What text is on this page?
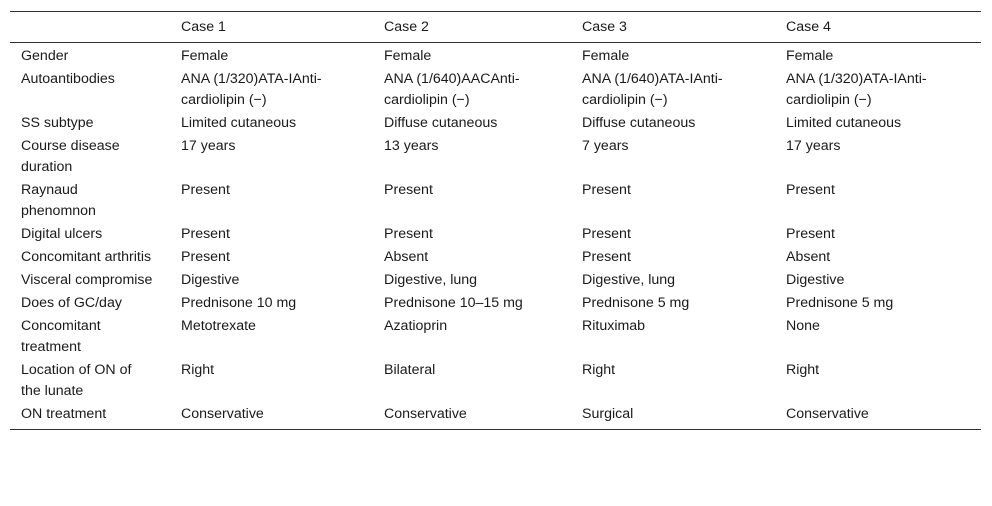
	Case 1	Case 2	Case 3	Case 4
Gender	Female	Female	Female	Female
Autoantibodies	ANA (1/320)ATA-IAnti-cardiolipin (−)	ANA (1/640)AACAnti-cardiolipin (−)	ANA (1/640)ATA-IAnti-cardiolipin (−)	ANA (1/320)ATA-IAnti-cardiolipin (−)
SS subtype	Limited cutaneous	Diffuse cutaneous	Diffuse cutaneous	Limited cutaneous
Course disease duration	17 years	13 years	7 years	17 years
Raynaud phenomnon	Present	Present	Present	Present
Digital ulcers	Present	Present	Present	Present
Concomitant arthritis	Present	Absent	Present	Absent
Visceral compromise	Digestive	Digestive, lung	Digestive, lung	Digestive
Does of GC/day	Prednisone 10 mg	Prednisone 10–15 mg	Prednisone 5 mg	Prednisone 5 mg
Concomitant treatment	Metotrexate	Azatioprin	Rituximab	None
Location of ON of the lunate	Right	Bilateral	Right	Right
ON treatment	Conservative	Conservative	Surgical	Conservative
